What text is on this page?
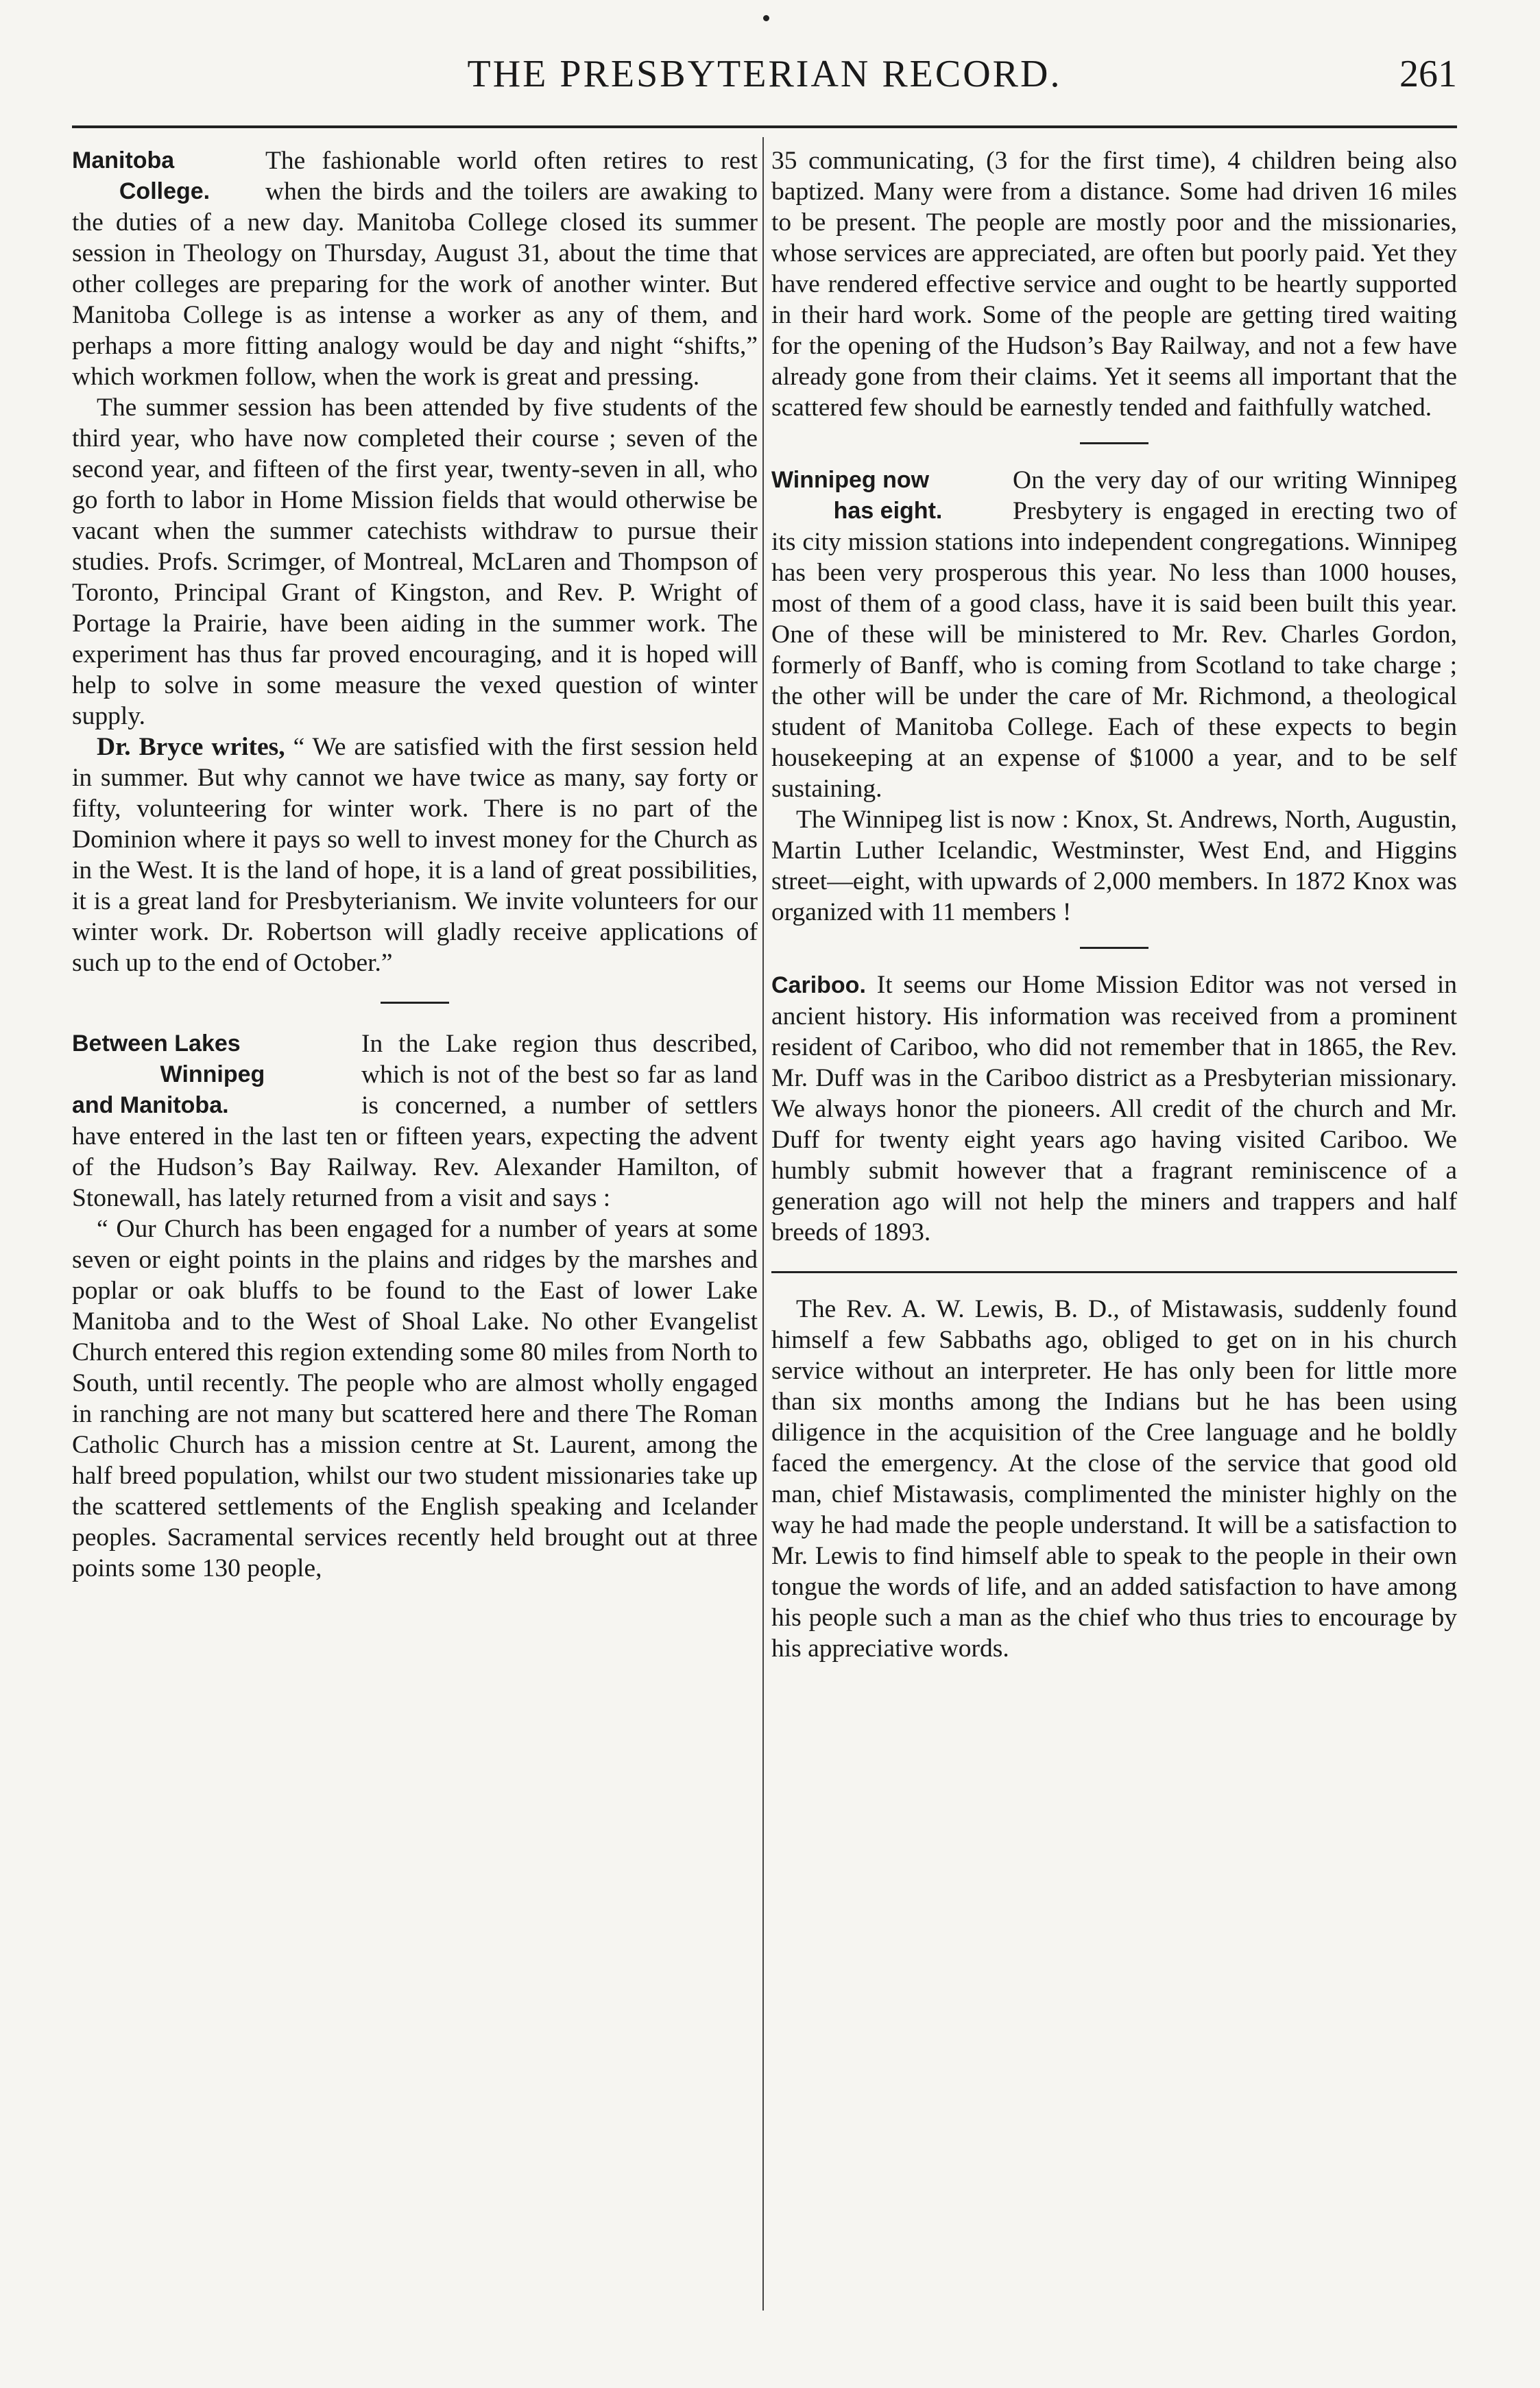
THE PRESBYTERIAN RECORD.	261
Manitoba
College.

The fashionable world often retires to rest when the birds and the toilers are awaking to the duties of a new day. Manitoba College closed its summer session in Theology on Thursday, August 31, about the time that other colleges are preparing for the work of another winter. But Manitoba College is as intense a worker as any of them, and perhaps a more fitting analogy would be day and night “shifts,” which workmen follow, when the work is great and pressing.

The summer session has been attended by five students of the third year, who have now completed their course ; seven of the second year, and fifteen of the first year, twenty-seven in all, who go forth to labor in Home Mission fields that would otherwise be vacant when the summer catechists withdraw to pursue their studies. Profs. Scrimger, of Montreal, McLaren and Thompson of Toronto, Principal Grant of Kingston, and Rev. P. Wright of Portage la Prairie, have been aiding in the summer work. The experiment has thus far proved encouraging, and it is hoped will help to solve in some measure the vexed question of winter supply.

Dr. Bryce writes, “ We are satisfied with the first session held in summer. But why cannot we have twice as many, say forty or fifty, volunteering for winter work. There is no part of the Dominion where it pays so well to invest money for the Church as in the West. It is the land of hope, it is a land of great possibilities, it is a great land for Presbyterianism. We invite volunteers for our winter work. Dr. Robertson will gladly receive applications of such up to the end of October.”

Between Lakes
Winnipeg
and Manitoba.

In the Lake region thus described, which is not of the best so far as land is concerned, a number of settlers have entered in the last ten or fifteen years, expecting the advent of the Hudson’s Bay Railway. Rev. Alexander Hamilton, of Stonewall, has lately returned from a visit and says :

“ Our Church has been engaged for a number of years at some seven or eight points in the plains and ridges by the marshes and poplar or oak bluffs to be found to the East of lower Lake Manitoba and to the West of Shoal Lake. No other Evangelist Church entered this region extending some 80 miles from North to South, until recently. The people who are almost wholly engaged in ranching are not many but scattered here and there The Roman Catholic Church has a mission centre at St. Laurent, among the half breed population, whilst our two student missionaries take up the scattered settlements of the English speaking and Icelander peoples. Sacramental services recently held brought out at three points some 130 people,

35 communicating, (3 for the first time), 4 children being also baptized. Many were from a distance. Some had driven 16 miles to be present. The people are mostly poor and the missionaries, whose services are appreciated, are often but poorly paid. Yet they have rendered effective service and ought to be heartly supported in their hard work. Some of the people are getting tired waiting for the opening of the Hudson’s Bay Railway, and not a few have already gone from their claims. Yet it seems all important that the scattered few should be earnestly tended and faithfully watched.

Winnipeg now
has eight.

On the very day of our writing Winnipeg Presbytery is engaged in erecting two of its city mission stations into independent congregations. Winnipeg has been very prosperous this year. No less than 1000 houses, most of them of a good class, have it is said been built this year. One of these will be ministered to Mr. Rev. Charles Gordon, formerly of Banff, who is coming from Scotland to take charge ; the other will be under the care of Mr. Richmond, a theological student of Manitoba College. Each of these expects to begin housekeeping at an expense of $1000 a year, and to be self sustaining.

The Winnipeg list is now : Knox, St. Andrews, North, Augustin, Martin Luther Icelandic, Westminster, West End, and Higgins street—eight, with upwards of 2,000 members. In 1872 Knox was organized with 11 members !

Cariboo. It seems our Home Mission Editor was not versed in ancient history. His information was received from a prominent resident of Cariboo, who did not remember that in 1865, the Rev. Mr. Duff was in the Cariboo district as a Presbyterian missionary. We always honor the pioneers. All credit of the church and Mr. Duff for twenty eight years ago having visited Cariboo. We humbly submit however that a fragrant reminiscence of a generation ago will not help the miners and trappers and half breeds of 1893.

The Rev. A. W. Lewis, B. D., of Mistawasis, suddenly found himself a few Sabbaths ago, obliged to get on in his church service without an interpreter. He has only been for little more than six months among the Indians but he has been using diligence in the acquisition of the Cree language and he boldly faced the emergency. At the close of the service that good old man, chief Mistawasis, complimented the minister highly on the way he had made the people understand. It will be a satisfaction to Mr. Lewis to find himself able to speak to the people in their own tongue the words of life, and an added satisfaction to have among his people such a man as the chief who thus tries to encourage by his appreciative words.
